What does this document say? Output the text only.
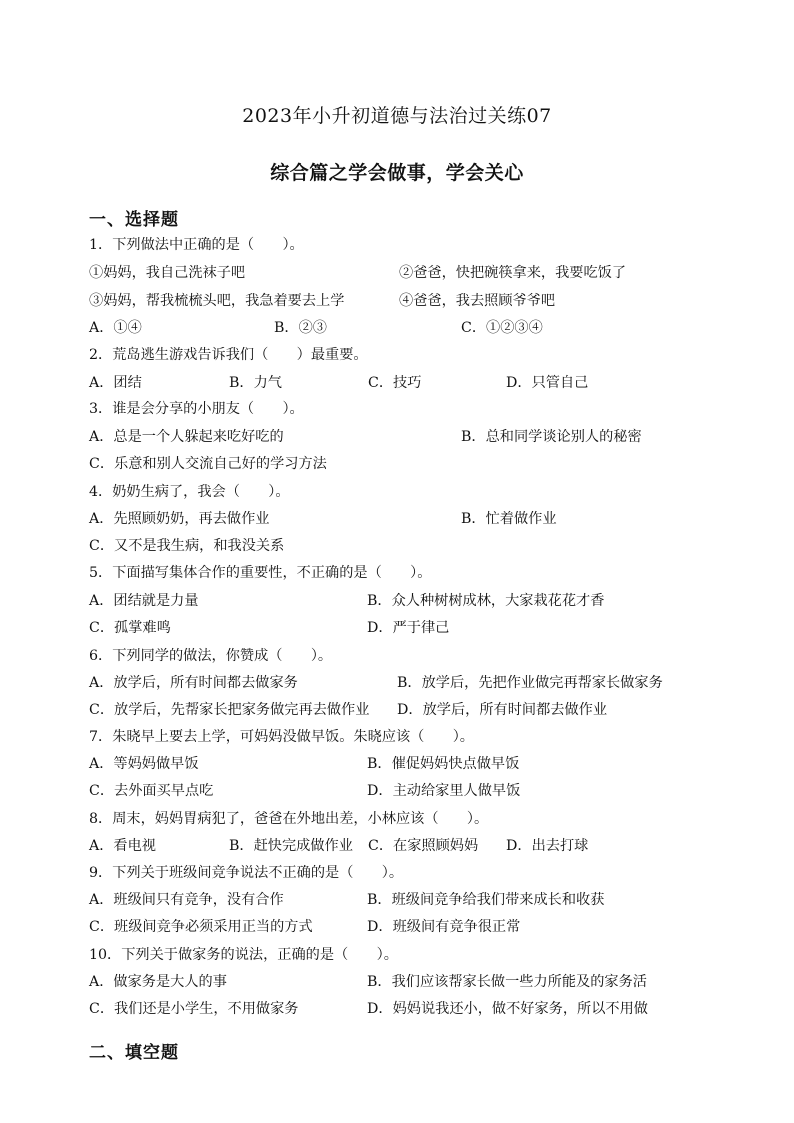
2023年小升初道德与法治过关练07
综合篇之学会做事，学会关心
一、选择题
1．下列做法中正确的是（　　）。
①妈妈，我自己洗袜子吧	②爸爸，快把碗筷拿来，我要吃饭了
③妈妈，帮我梳梳头吧，我急着要去上学	④爸爸，我去照顾爷爷吧
A．①④	B．②③	C．①②③④
2．荒岛逃生游戏告诉我们（　　）最重要。
A．团结	B．力气	C．技巧	D．只管自己
3．谁是会分享的小朋友（　　）。
A．总是一个人躲起来吃好吃的	B．总和同学谈论别人的秘密
C．乐意和别人交流自己好的学习方法
4．奶奶生病了，我会（　　）。
A．先照顾奶奶，再去做作业	B．忙着做作业
C．又不是我生病，和我没关系
5．下面描写集体合作的重要性，不正确的是（　　）。
A．团结就是力量	B．众人种树树成林，大家栽花花才香
C．孤掌难鸣	D．严于律己
6．下列同学的做法，你赞成（　　）。
A．放学后，所有时间都去做家务	B．放学后，先把作业做完再帮家长做家务
C．放学后，先帮家长把家务做完再去做作业 D．放学后，所有时间都去做作业
7．朱晓早上要去上学，可妈妈没做早饭。朱晓应该（　　）。
A．等妈妈做早饭	B．催促妈妈快点做早饭
C．去外面买早点吃	D．主动给家里人做早饭
8．周末，妈妈胃病犯了，爸爸在外地出差，小林应该（　　）。
A．看电视	B．赶快完成做作业 C．在家照顾妈妈 D．出去打球
9．下列关于班级间竞争说法不正确的是（　　）。
A．班级间只有竞争，没有合作	B．班级间竞争给我们带来成长和收获
C．班级间竞争必须采用正当的方式	D．班级间有竞争很正常
10．下列关于做家务的说法，正确的是（　　）。
A．做家务是大人的事	B．我们应该帮家长做一些力所能及的家务活
C．我们还是小学生，不用做家务	D．妈妈说我还小，做不好家务，所以不用做
二、填空题
